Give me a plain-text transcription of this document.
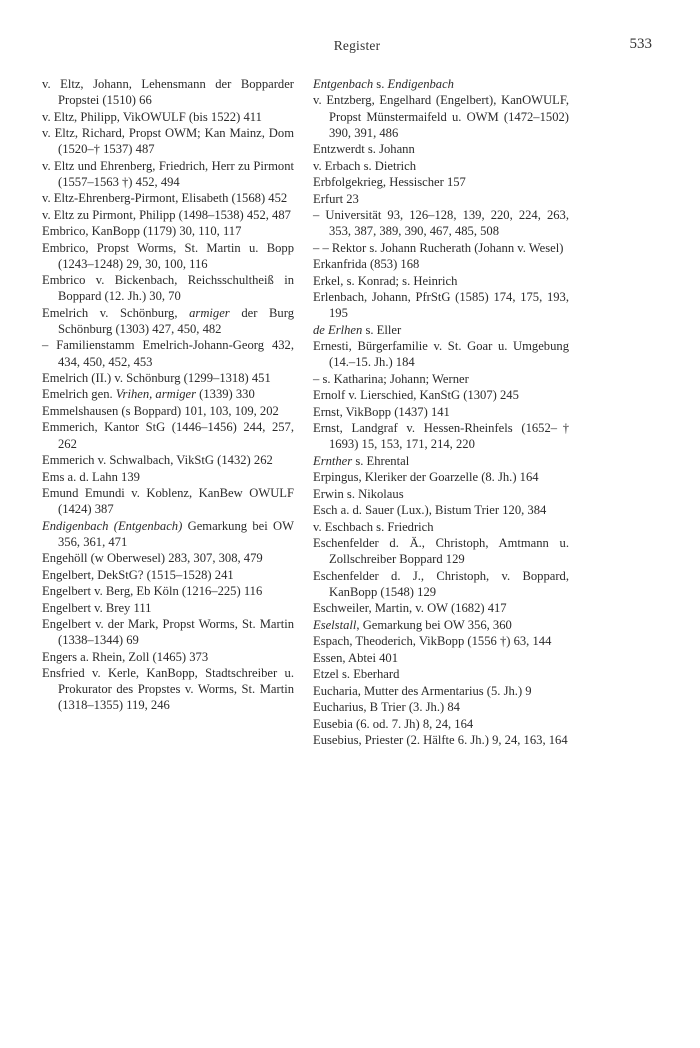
Register	533
v. Eltz, Johann, Lehensmann der Bopparder Propstei (1510) 66
v. Eltz, Philipp, VikOWULF (bis 1522) 411
v. Eltz, Richard, Propst OWM; Kan Mainz, Dom (1520–† 1537) 487
v. Eltz und Ehrenberg, Friedrich, Herr zu Pirmont (1557–1563 †) 452, 494
v. Eltz-Ehrenberg-Pirmont, Elisabeth (1568) 452
v. Eltz zu Pirmont, Philipp (1498–1538) 452, 487
Embrico, KanBopp (1179) 30, 110, 117
Embrico, Propst Worms, St. Martin u. Bopp (1243–1248) 29, 30, 100, 116
Embrico v. Bickenbach, Reichsschultheiß in Boppard (12. Jh.) 30, 70
Emelrich v. Schönburg, armiger der Burg Schönburg (1303) 427, 450, 482
– Familienstamm Emelrich-Johann-Georg 432, 434, 450, 452, 453
Emelrich (II.) v. Schönburg (1299–1318) 451
Emelrich gen. Vrihen, armiger (1339) 330
Emmelshausen (s Boppard) 101, 103, 109, 202
Emmerich, Kantor StG (1446–1456) 244, 257, 262
Emmerich v. Schwalbach, VikStG (1432) 262
Ems a. d. Lahn 139
Emund Emundi v. Koblenz, KanBew OWULF (1424) 387
Endigenbach (Entgenbach) Gemarkung bei OW 356, 361, 471
Engehöll (w Oberwesel) 283, 307, 308, 479
Engelbert, DekStG? (1515–1528) 241
Engelbert v. Berg, Eb Köln (1216–225) 116
Engelbert v. Brey 111
Engelbert v. der Mark, Propst Worms, St. Martin (1338–1344) 69
Engers a. Rhein, Zoll (1465) 373
Ensfried v. Kerle, KanBopp, Stadtschreiber u. Prokurator des Propstes v. Worms, St. Martin (1318–1355) 119, 246
Entgenbach s. Endigenbach
v. Entzberg, Engelhard (Engelbert), KanOWULF, Propst Münstermaifeld u. OWM (1472–1502) 390, 391, 486
Entzwerdt s. Johann
v. Erbach s. Dietrich
Erbfolgekrieg, Hessischer 157
Erfurt 23
– Universität 93, 126–128, 139, 220, 224, 263, 353, 387, 389, 390, 467, 485, 508
– – Rektor s. Johann Rucherath (Johann v. Wesel)
Erkanfrida (853) 168
Erkel, s. Konrad; s. Heinrich
Erlenbach, Johann, PfrStG (1585) 174, 175, 193, 195
de Erlhen s. Eller
Ernesti, Bürgerfamilie v. St. Goar u. Umgebung (14.–15. Jh.) 184
– s. Katharina; Johann; Werner
Ernolf v. Lierschied, KanStG (1307) 245
Ernst, VikBopp (1437) 141
Ernst, Landgraf v. Hessen-Rheinfels (1652–† 1693) 15, 153, 171, 214, 220
Ernther s. Ehrental
Erpingus, Kleriker der Goarzelle (8. Jh.) 164
Erwin s. Nikolaus
Esch a. d. Sauer (Lux.), Bistum Trier 120, 384
v. Eschbach s. Friedrich
Eschenfelder d. Ä., Christoph, Amtmann u. Zollschreiber Boppard 129
Eschenfelder d. J., Christoph, v. Boppard, KanBopp (1548) 129
Eschweiler, Martin, v. OW (1682) 417
Eselstall, Gemarkung bei OW 356, 360
Espach, Theoderich, VikBopp (1556 †) 63, 144
Essen, Abtei 401
Etzel s. Eberhard
Eucharia, Mutter des Armentarius (5. Jh.) 9
Eucharius, B Trier (3. Jh.) 84
Eusebia (6. od. 7. Jh) 8, 24, 164
Eusebius, Priester (2. Hälfte 6. Jh.) 9, 24, 163, 164
